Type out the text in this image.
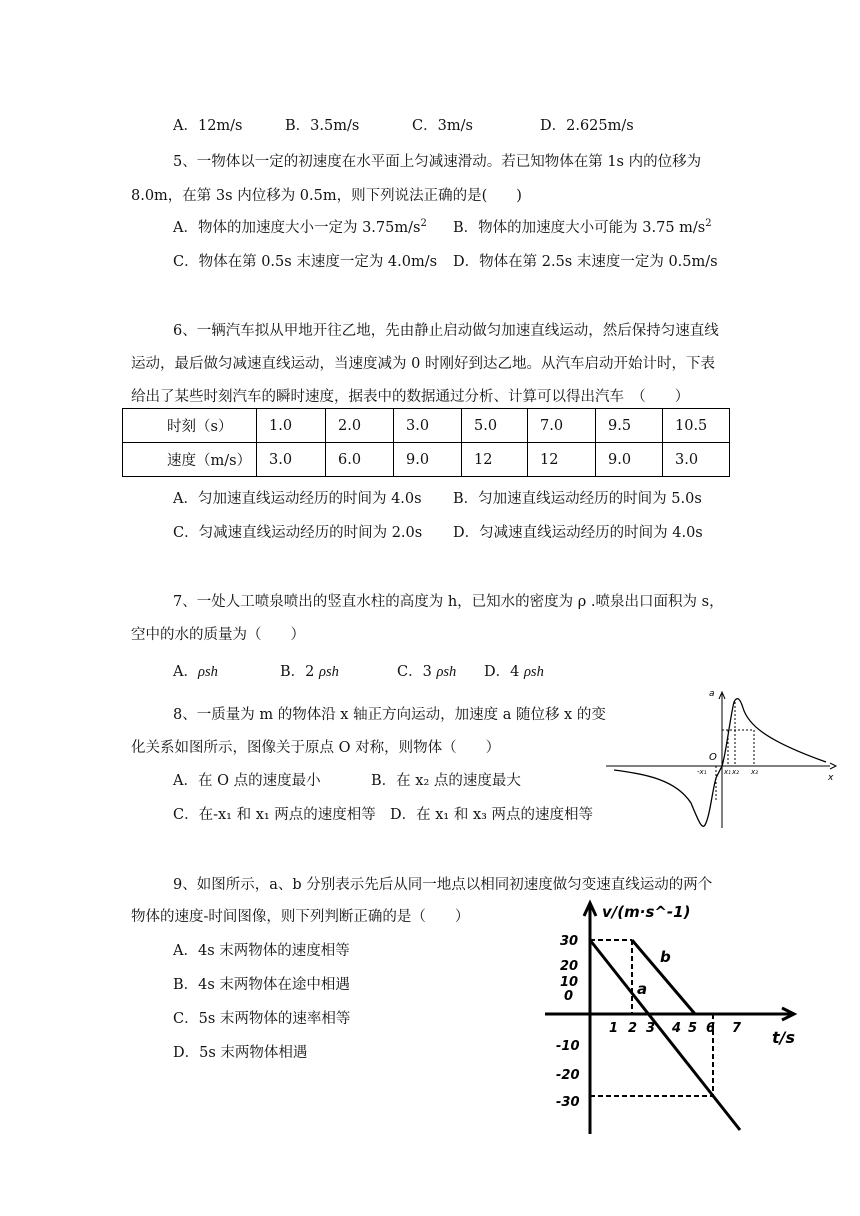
A．12m/s	B．3.5m/s	C．3m/s	D．2.625m/s
5、一物体以一定的初速度在水平面上匀减速滑动。若已知物体在第 1s 内的位移为
8.0m，在第 3s 内位移为 0.5m，则下列说法正确的是(　　)
A．物体的加速度大小一定为 $3.75m/s^2$ B．物体的加速度大小可能为 3.75 $m/s^2$
C．物体在第 0.5s 末速度一定为 4.0m/s D．物体在第 2.5s 末速度一定为 0.5m/s
6、一辆汽车拟从甲地开往乙地，先由静止启动做匀加速直线运动，然后保持匀速直线
运动，最后做匀减速直线运动，当速度减为 0 时刚好到达乙地。从汽车启动开始计时，下表
给出了某些时刻汽车的瞬时速度，据表中的数据通过分析、计算可以得出汽车　（　　）
时刻（s）	1.0	2.0	3.0	5.0	7.0	9.5	10.5
速度（m/s）	3.0	6.0	9.0	12	12	9.0	3.0
A．匀加速直线运动经历的时间为 4.0s B．匀加速直线运动经历的时间为 5.0s
C．匀减速直线运动经历的时间为 2.0s D．匀减速直线运动经历的时间为 4.0s
7、一处人工喷泉喷出的竖直水柱的高度为 h，已知水的密度为 ρ .喷泉出口面积为 s，
空中的水的质量为（　　）
A．ρsh	B．2 ρsh	C．3 ρsh D．4 ρsh
8、一质量为 m 的物体沿 x 轴正方向运动，加速度 a 随位移 x 的变
化关系如图所示，图像关于原点 O 对称，则物体（　　）
A．在 O 点的速度最小	B．在 x₂ 点的速度最大
C．在-x₁ 和 x₁ 两点的速度相等 D．在 x₁ 和 x₃ 两点的速度相等
a
x
O
-x₁	x₁ x₂ x₃
9、如图所示，a、b 分别表示先后从同一地点以相同初速度做匀变速直线运动的两个
物体的速度-时间图像，则下列判断正确的是（　　）
A．4s 末两物体的速度相等
B．4s 末两物体在途中相遇
C．5s 末两物体的速率相等
D．5s 末两物体相遇
v/(m·s^-1)
t/s
30
20
10
0
-10
-20
-30
1 2 3 4 5 6 7
a
b
